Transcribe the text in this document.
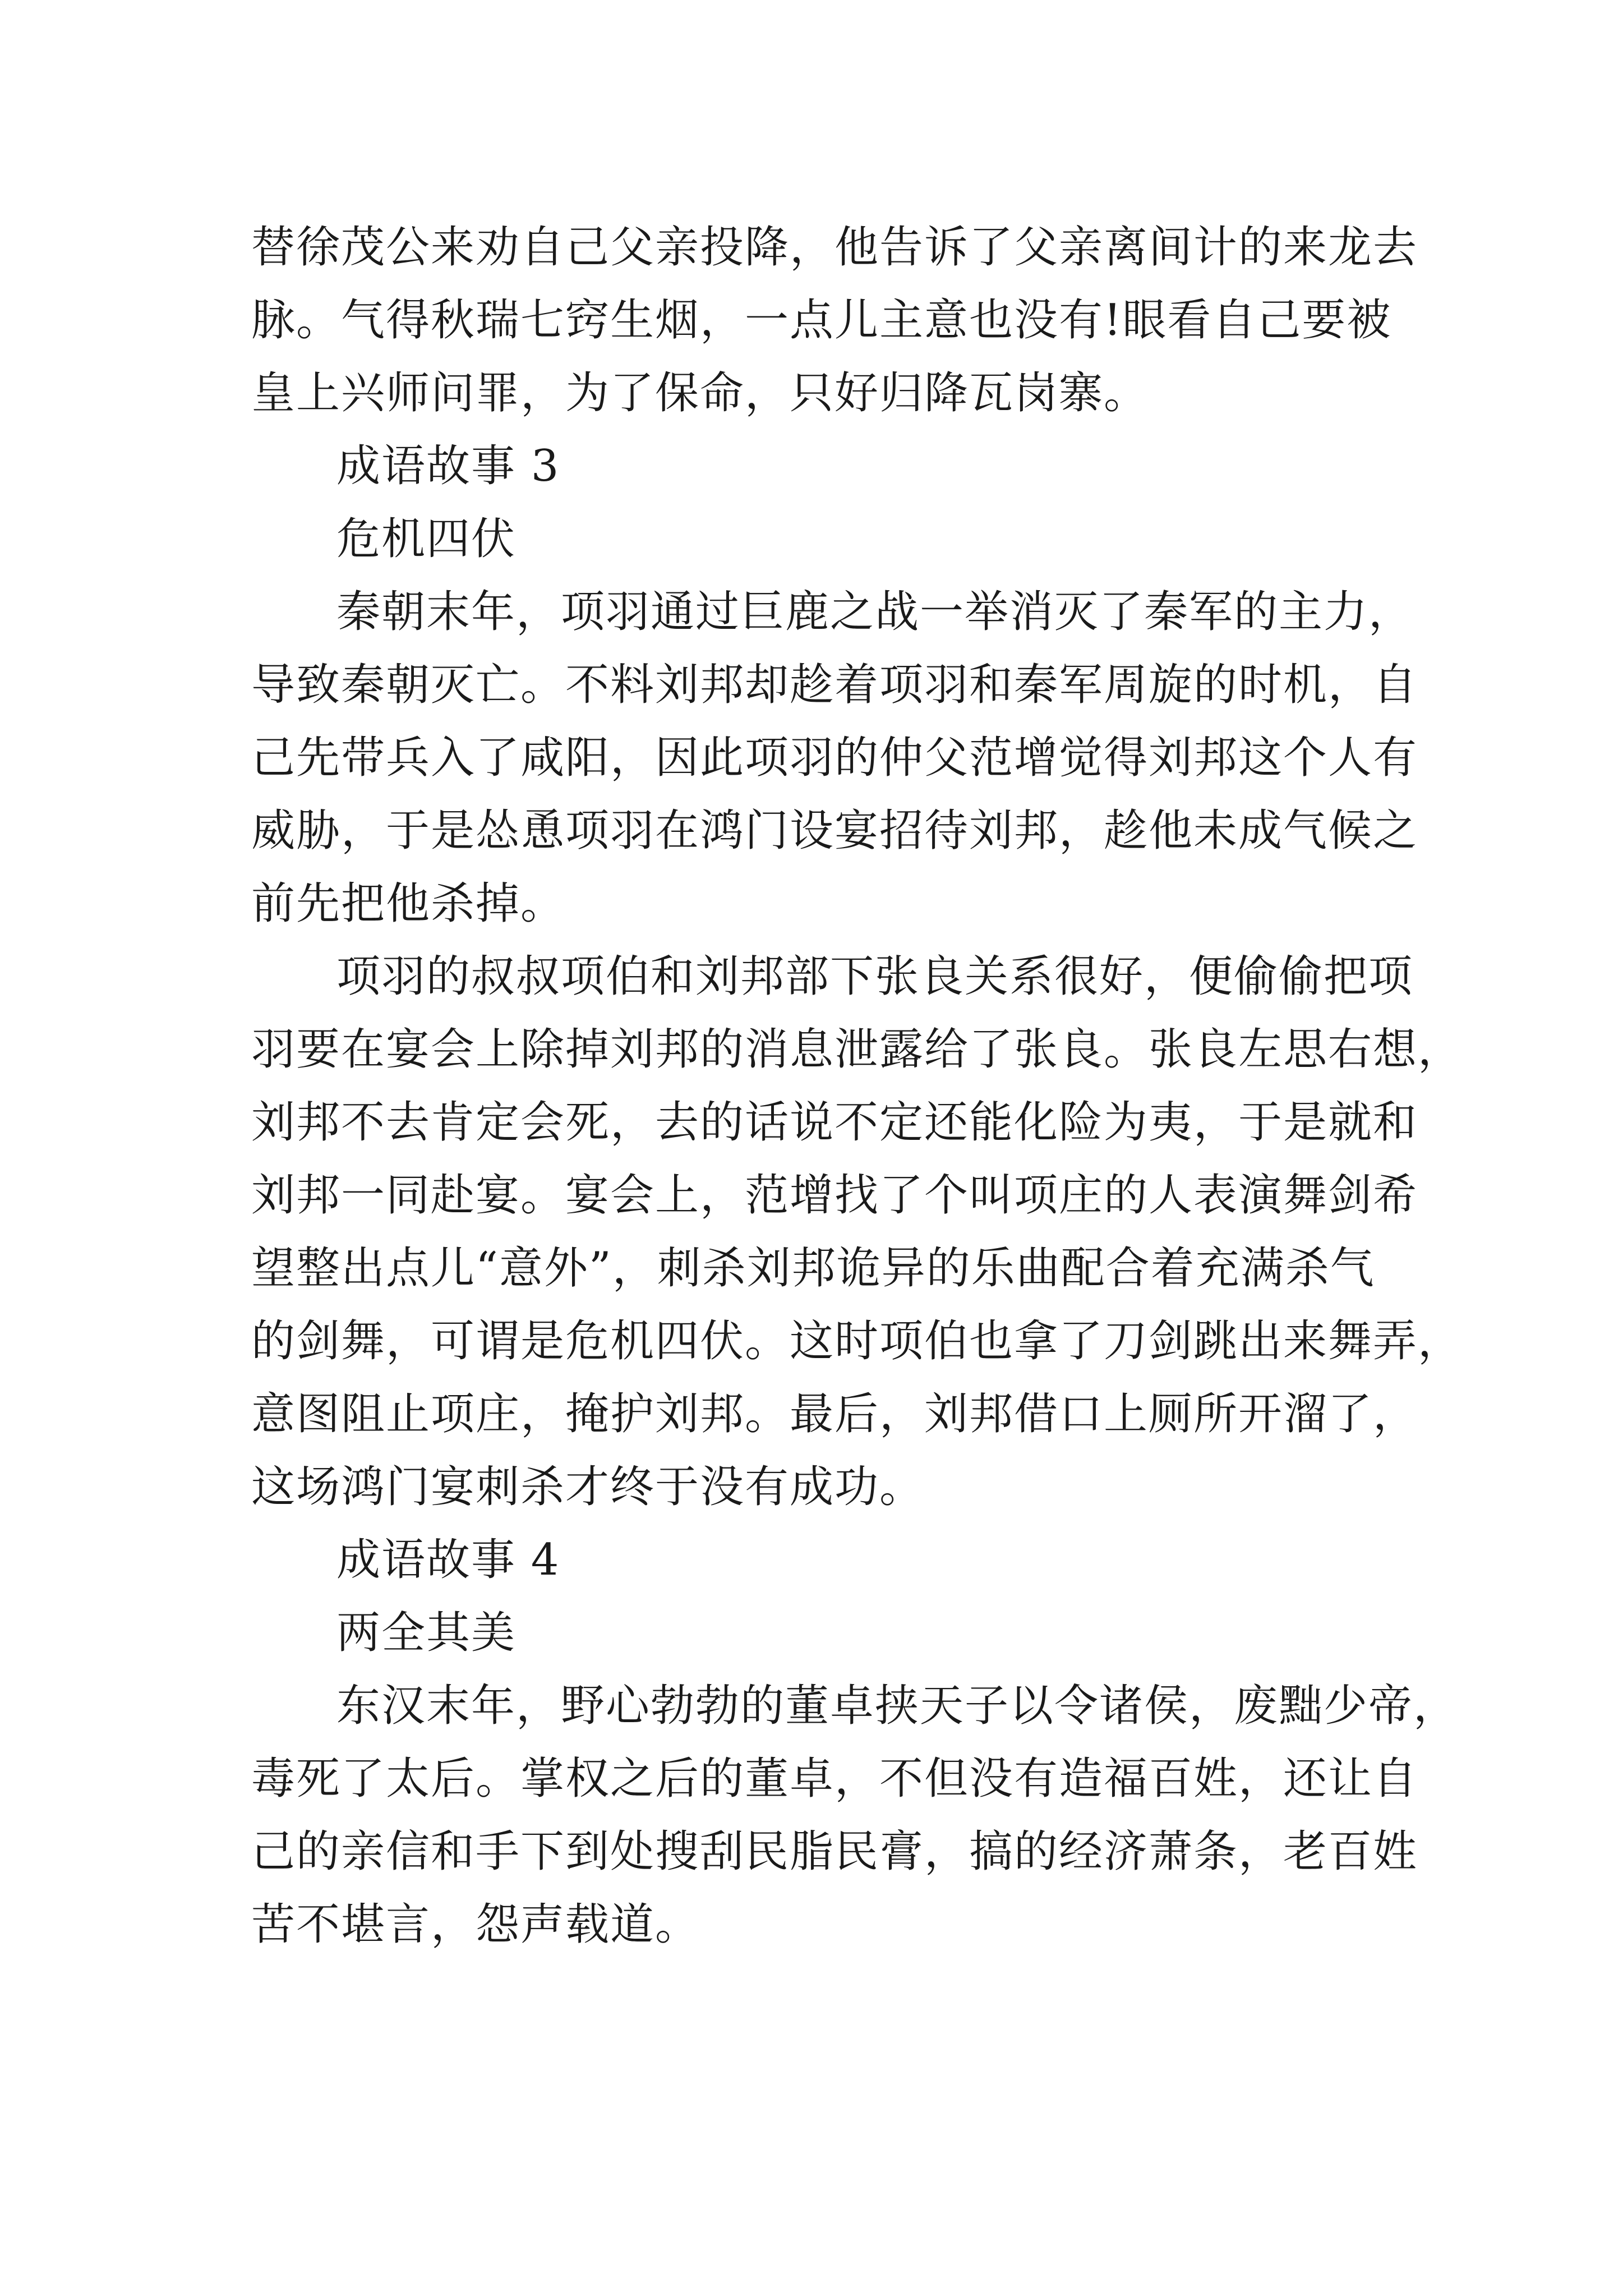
替徐茂公来劝自己父亲投降，他告诉了父亲离间计的来龙去
脉。气得秋瑞七窍生烟，一点儿主意也没有!眼看自己要被
皇上兴师问罪，为了保命，只好归降瓦岗寨。
成语故事 3
危机四伏
秦朝末年，项羽通过巨鹿之战一举消灭了秦军的主力，
导致秦朝灭亡。不料刘邦却趁着项羽和秦军周旋的时机，自
己先带兵入了咸阳，因此项羽的仲父范增觉得刘邦这个人有
威胁，于是怂恿项羽在鸿门设宴招待刘邦，趁他未成气候之
前先把他杀掉。
项羽的叔叔项伯和刘邦部下张良关系很好，便偷偷把项
羽要在宴会上除掉刘邦的消息泄露给了张良。张良左思右想，
刘邦不去肯定会死，去的话说不定还能化险为夷，于是就和
刘邦一同赴宴。宴会上，范增找了个叫项庄的人表演舞剑希
望整出点儿“意外”，刺杀刘邦诡异的乐曲配合着充满杀气
的剑舞，可谓是危机四伏。这时项伯也拿了刀剑跳出来舞弄，
意图阻止项庄，掩护刘邦。最后，刘邦借口上厕所开溜了，
这场鸿门宴刺杀才终于没有成功。
成语故事 4
两全其美
东汉末年，野心勃勃的董卓挟天子以令诸侯，废黜少帝，
毒死了太后。掌权之后的董卓，不但没有造福百姓，还让自
己的亲信和手下到处搜刮民脂民膏，搞的经济萧条，老百姓
苦不堪言，怨声载道。
